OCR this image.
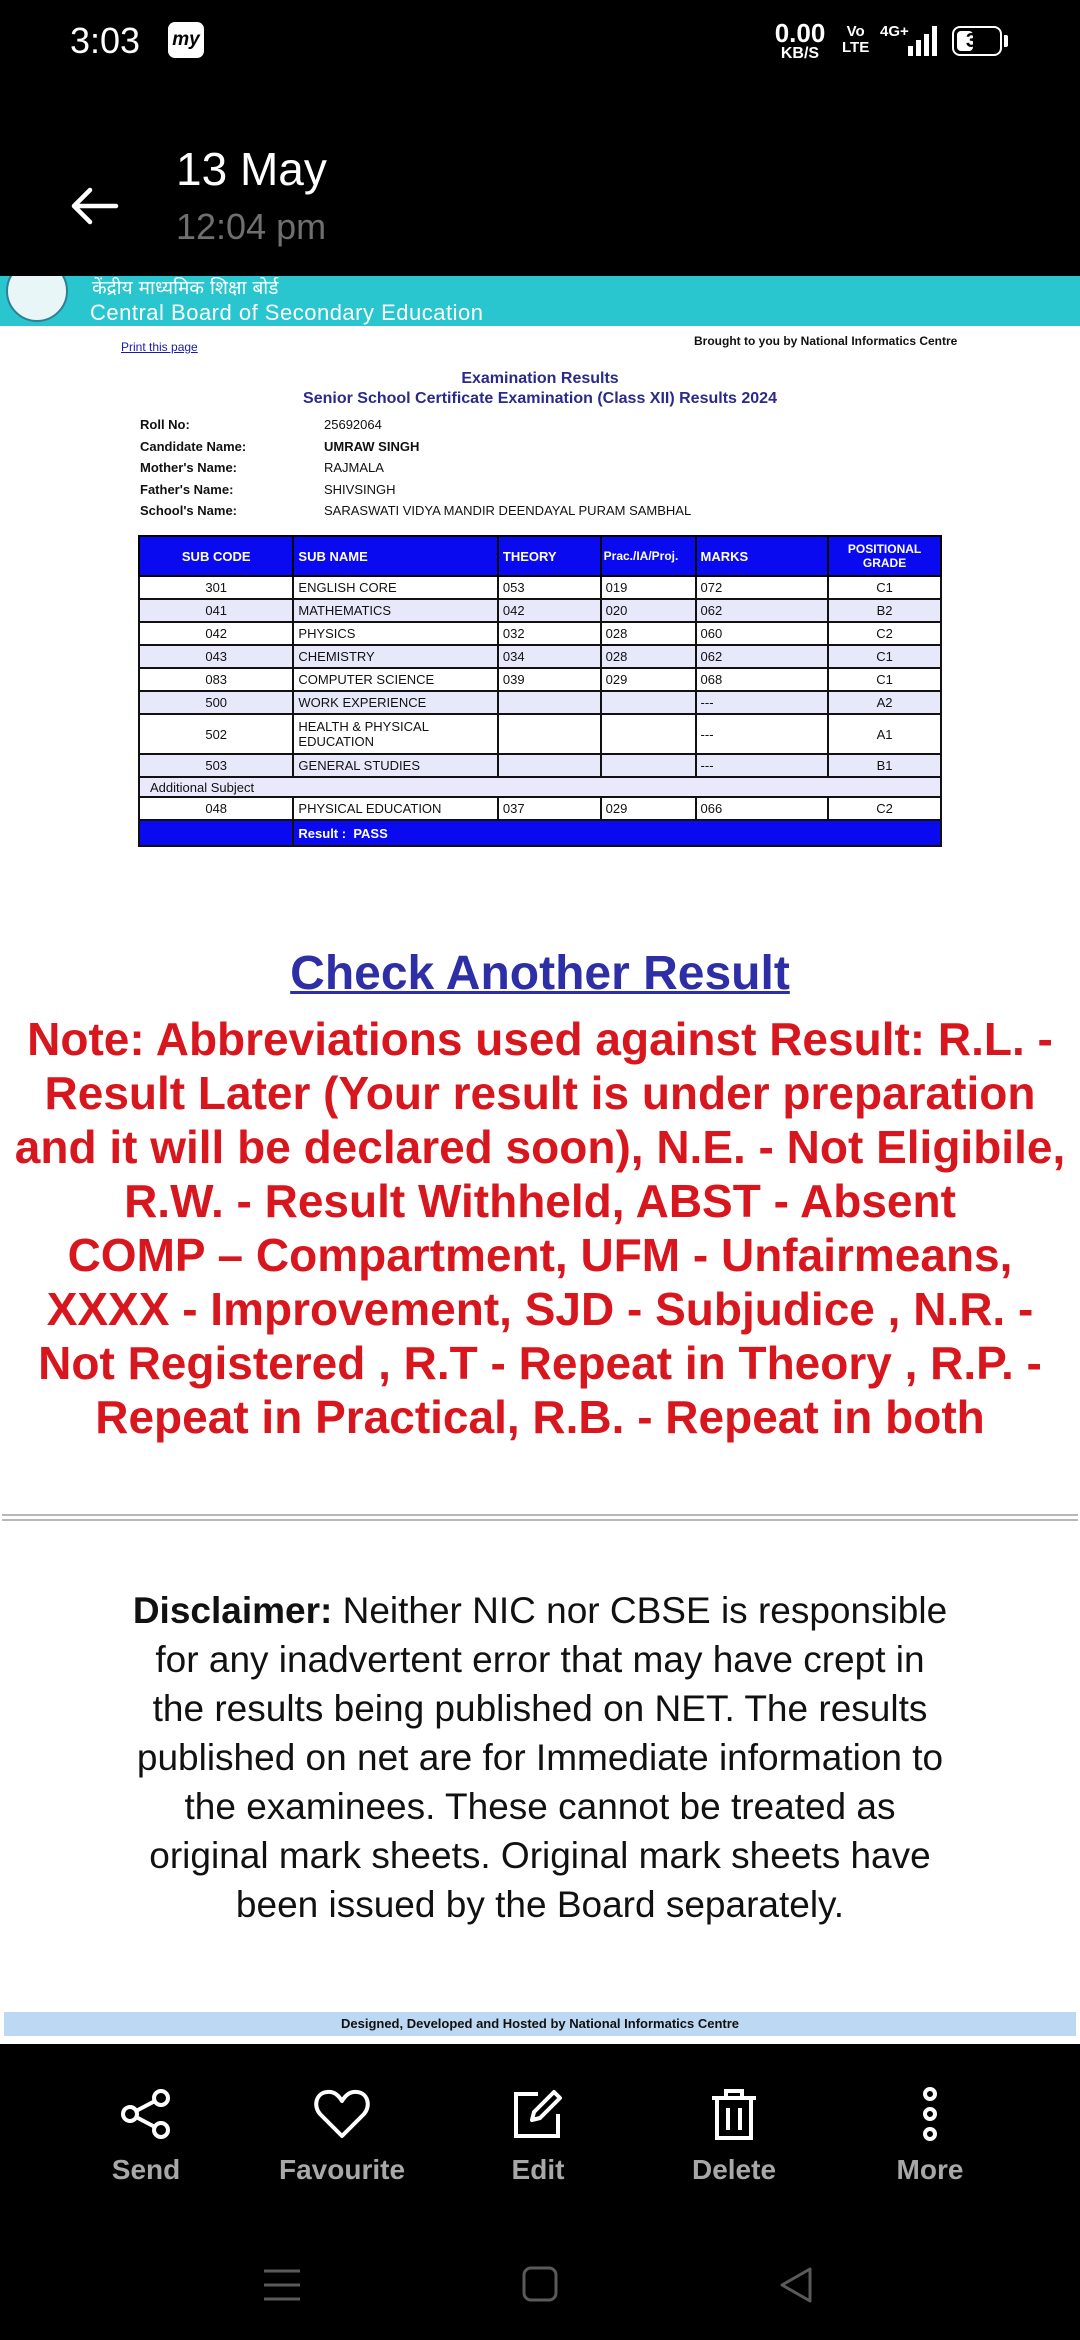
3:03 my	0.00
KB/S
Vo
LTE
4G+	39
13 May
12:04 pm
केंद्रीय माध्यमिक शिक्षा बोर्ड
Central Board of Secondary Education
Print this page	Brought to you by National Informatics Centre
Examination Results
Senior School Certificate Examination (Class XII) Results 2024
Roll No:	25692064
Candidate Name:	UMRAW SINGH
Mother's Name:	RAJMALA
Father's Name:	SHIVSINGH
School's Name:	SARASWATI VIDYA MANDIR DEENDAYAL PURAM SAMBHAL
SUB CODE	SUB NAME	THEORY	Prac./IA/Proj.	MARKS	POSITIONAL GRADE
301	ENGLISH CORE	053	019	072	C1
041	MATHEMATICS	042	020	062	B2
042	PHYSICS	032	028	060	C2
043	CHEMISTRY	034	028	062	C1
083	COMPUTER SCIENCE	039	029	068	C1
500	WORK EXPERIENCE			---	A2
502	HEALTH & PHYSICAL EDUCATION			---	A1
503	GENERAL STUDIES			---	B1
Additional Subject					
048	PHYSICAL EDUCATION	037	029	066	C2
	Result : PASS				
Check Another Result
Note: Abbreviations used against Result: R.L. - Result Later (Your result is under preparation and it will be declared soon), N.E. - Not Eligibile, R.W. - Result Withheld, ABST - Absent
COMP – Compartment, UFM - Unfairmeans, XXXX - Improvement, SJD - Subjudice , N.R. - Not Registered , R.T - Repeat in Theory , R.P. - Repeat in Practical, R.B. - Repeat in both
Disclaimer: Neither NIC nor CBSE is responsible for any inadvertent error that may have crept in the results being published on NET. The results published on net are for Immediate information to the examinees. These cannot be treated as original mark sheets. Original mark sheets have been issued by the Board separately.
Designed, Developed and Hosted by National Informatics Centre
Send	Favourite	Edit	Delete	More
